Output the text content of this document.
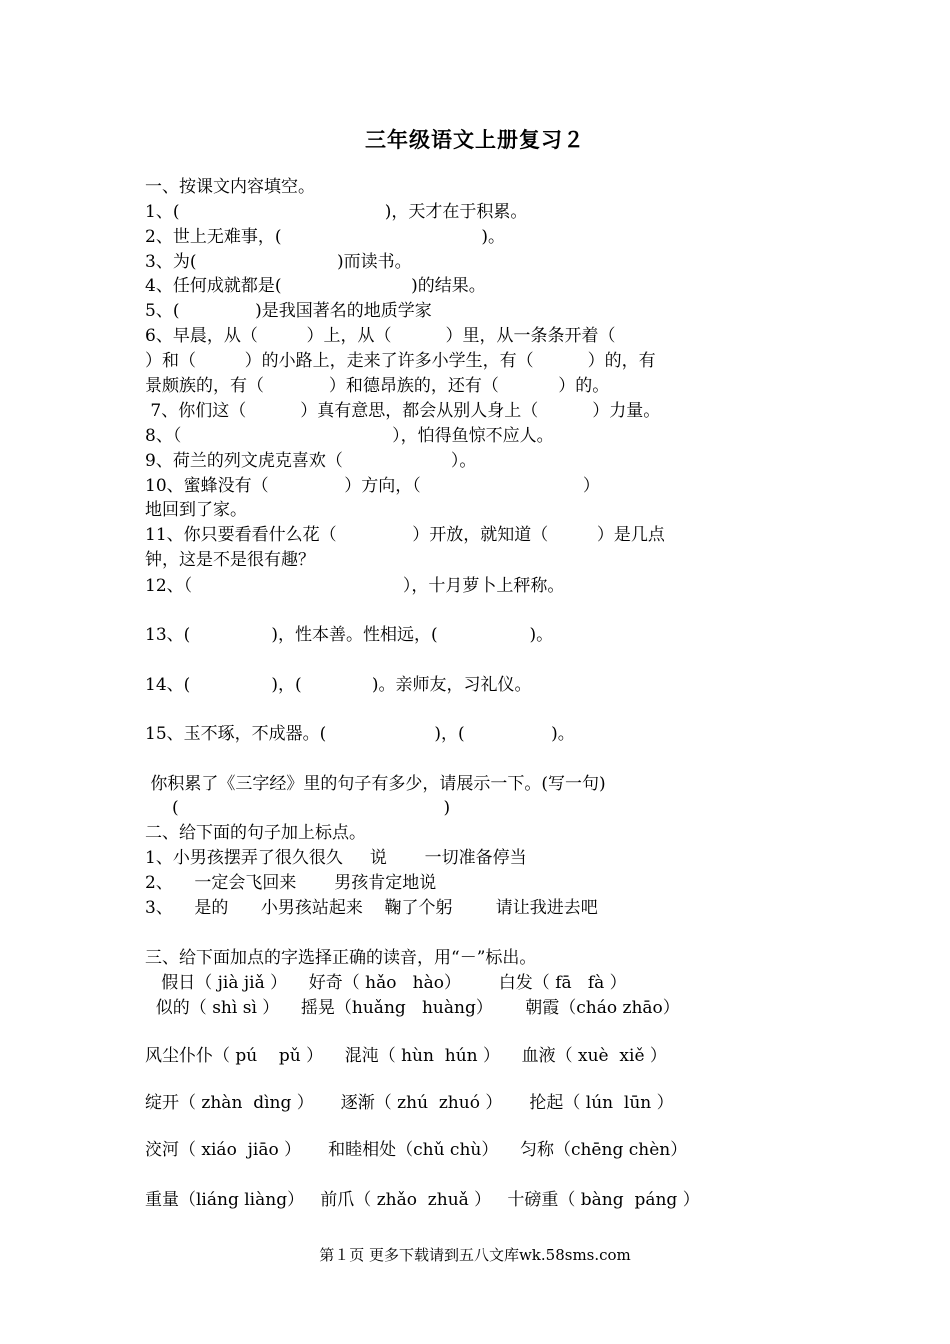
三年级语文上册复习２
一、按课文内容填空。
1、(                                      )，天才在于积累。
2、世上无难事，(                                     )。
3、为(                          )而读书。
4、任何成就都是(                        )的结果。
5、(              )是我国著名的地质学家
6、早晨，从（         ）上，从（          ）里，从一条条开着（
）和（         ）的小路上，走来了许多小学生，有（          ）的，有
景颇族的，有（            ）和德昂族的，还有（           ）的。
7、你们这（          ）真有意思，都会从别人身上（          ）力量。
8、（                                       ），怕得鱼惊不应人。
9、荷兰的列文虎克喜欢（                    ）。
10、蜜蜂没有（              ）方向，（                              ）
地回到了家。
11、你只要看看什么花（              ）开放，就知道（         ）是几点
钟，这是不是很有趣？
12、（                                       ），十月萝卜上秤称。
13、(               )，性本善。性相远，(                 )。
14、(               )，(             )。亲师友，习礼仪。
15、玉不琢，不成器。(                    )，(                )。
你积累了《三字经》里的句子有多少，请展示一下。(写一句)
(                                                 )
二、给下面的句子加上标点。
1、小男孩摆弄了很久很久     说       一切准备停当
2、    一定会飞回来       男孩肯定地说
3、    是的      小男孩站起来    鞠了个躬        请让我进去吧
三、给下面加点的字选择正确的读音，用“－”标出。
假日（ jià jiǎ ）    好奇（ hǎo   hào）       白发（ fā   fà ）
似的（ shì sì ）    摇晃（huǎng   huàng）      朝霞（cháo zhāo）
风尘仆仆（ pú    pǔ ）    混沌（ hùn  hún ）    血液（ xuè  xiě ）
绽开（ zhàn  dìng ）     逐渐（ zhú  zhuó ）     抡起（ lún  lūn ）
洨河（ xiáo  jiāo ）     和睦相处（chǔ chù）    匀称（chēng chèn）
重量（liáng liàng）   前爪（ zhǎo  zhuǎ ）   十磅重（ bàng  páng ）
第１页 更多下载请到五八文库wk.58sms.com
